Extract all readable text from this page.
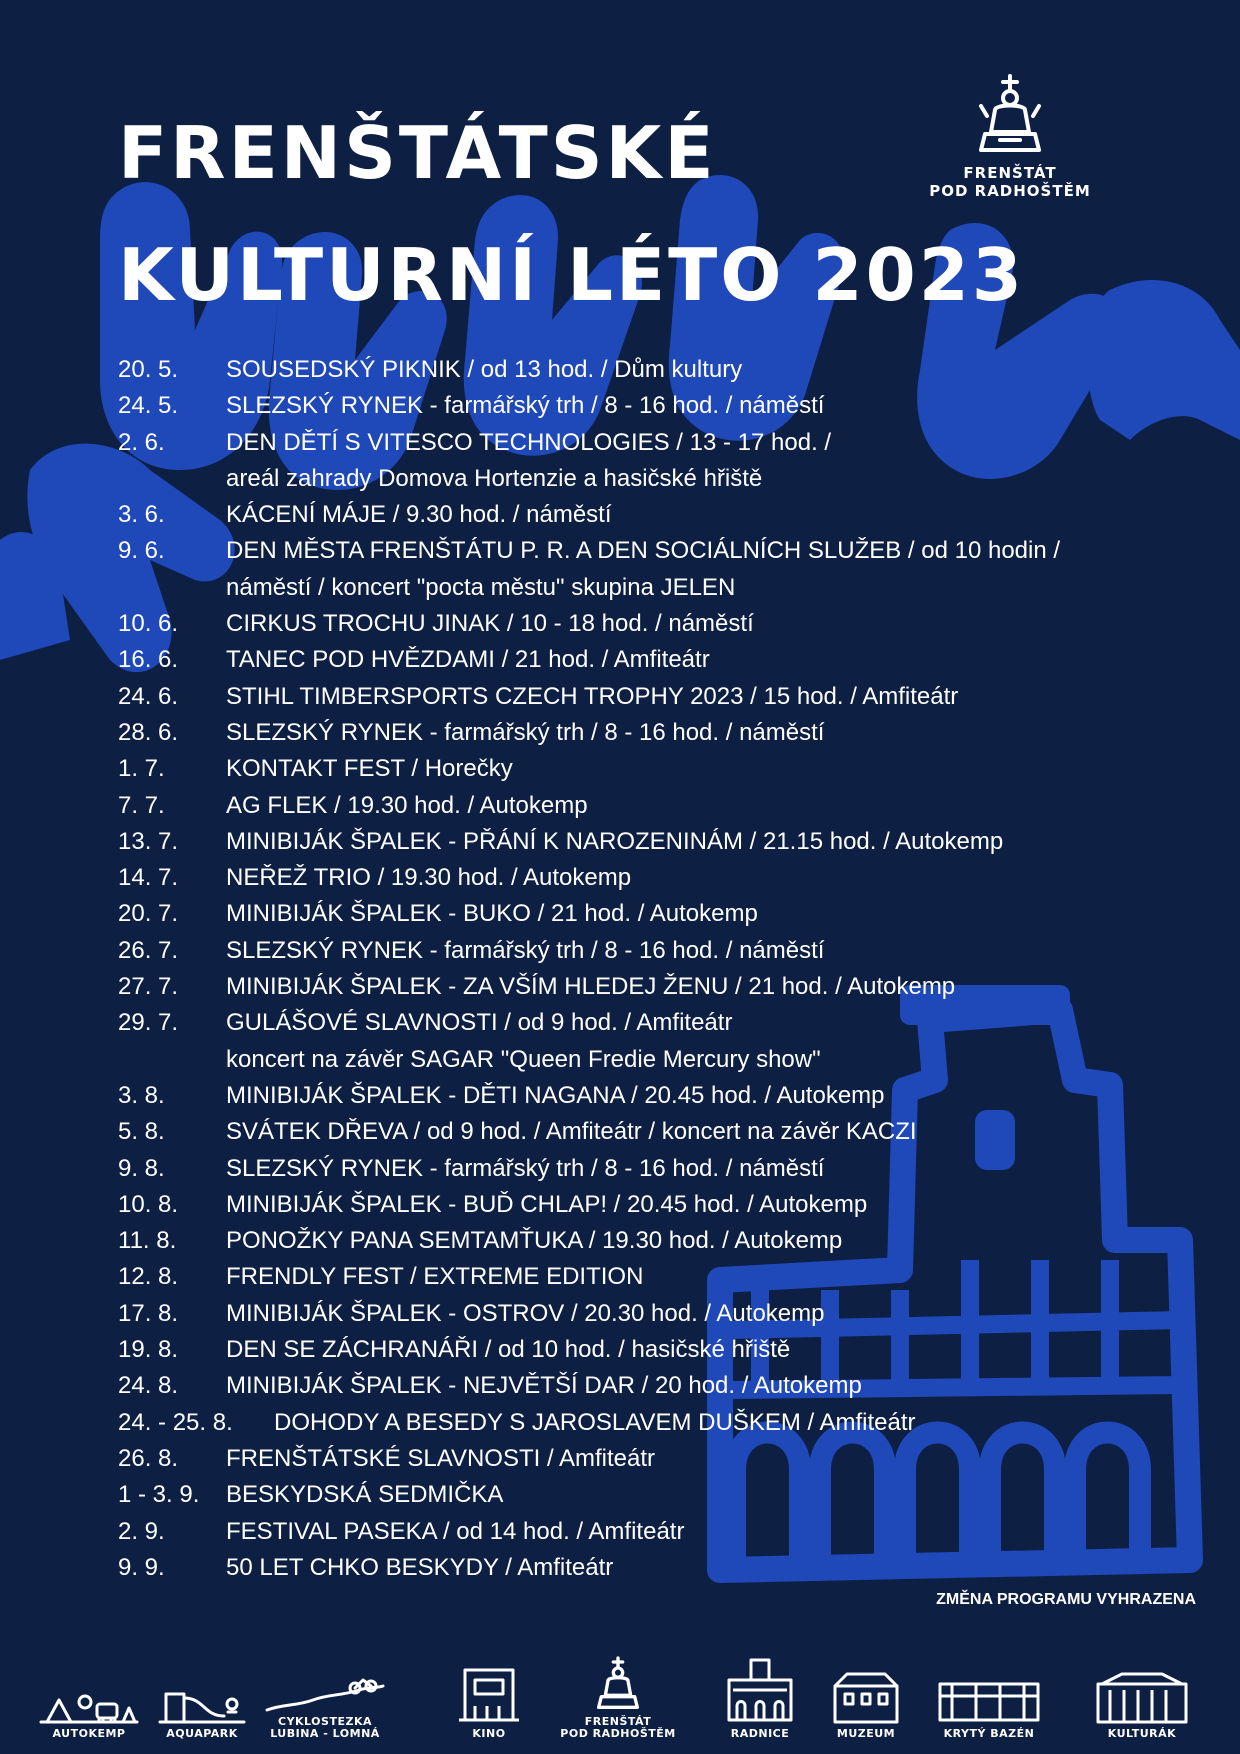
FRENŠTÁTSKÉ
KULTURNÍ LÉTO 2023
FRENŠTÁT
POD RADHOŠTĚM
20. 5.	SOUSEDSKÝ PIKNIK / od 13 hod. / Dům kultury
24. 5.	SLEZSKÝ RYNEK - farmářský trh / 8 - 16 hod. / náměstí
2. 6.	DEN DĚTÍ S VITESCO TECHNOLOGIES / 13 - 17 hod. /
areál zahrady Domova Hortenzie a hasičské hřiště
3. 6.	KÁCENÍ MÁJE / 9.30 hod. / náměstí
9. 6.	DEN MĚSTA FRENŠTÁTU P. R. A DEN SOCIÁLNÍCH SLUŽEB / od 10 hodin /
náměstí / koncert "pocta městu" skupina JELEN
10. 6.	CIRKUS TROCHU JINAK / 10 - 18 hod. / náměstí
16. 6.	TANEC POD HVĚZDAMI / 21 hod. / Amfiteátr
24. 6.	STIHL TIMBERSPORTS CZECH TROPHY 2023 / 15 hod. / Amfiteátr
28. 6.	SLEZSKÝ RYNEK - farmářský trh / 8 - 16 hod. / náměstí
1. 7.	KONTAKT FEST / Horečky
7. 7.	AG FLEK / 19.30 hod. / Autokemp
13. 7.	MINIBIJÁK ŠPALEK - PŘÁNÍ K NAROZENINÁM / 21.15 hod. / Autokemp
14. 7.	NEŘEŽ TRIO / 19.30 hod. / Autokemp
20. 7.	MINIBIJÁK ŠPALEK - BUKO / 21 hod. / Autokemp
26. 7.	SLEZSKÝ RYNEK - farmářský trh / 8 - 16 hod. / náměstí
27. 7.	MINIBIJÁK ŠPALEK - ZA VŠÍM HLEDEJ ŽENU / 21 hod. / Autokemp
29. 7.	GULÁŠOVÉ SLAVNOSTI / od 9 hod. / Amfiteátr
koncert na závěr SAGAR "Queen Fredie Mercury show"
3. 8.	MINIBIJÁK ŠPALEK - DĚTI NAGANA / 20.45 hod. / Autokemp
5. 8.	SVÁTEK DŘEVA / od 9 hod. / Amfiteátr / koncert na závěr KACZI
9. 8.	SLEZSKÝ RYNEK - farmářský trh / 8 - 16 hod. / náměstí
10. 8.	MINIBIJÁK ŠPALEK - BUĎ CHLAP! / 20.45 hod. / Autokemp
11. 8.	PONOŽKY PANA SEMTAMŤUKA / 19.30 hod. / Autokemp
12. 8.	FRENDLY FEST / EXTREME EDITION
17. 8.	MINIBIJÁK ŠPALEK - OSTROV / 20.30 hod. / Autokemp
19. 8.	DEN SE ZÁCHRANÁŘI / od 10 hod. / hasičské hřiště
24. 8.	MINIBIJÁK ŠPALEK - NEJVĚTŠÍ DAR / 20 hod. / Autokemp
24. - 25. 8.	DOHODY A BESEDY S JAROSLAVEM DUŠKEM / Amfiteátr
26. 8.	FRENŠTÁTSKÉ SLAVNOSTI / Amfiteátr
1 - 3. 9.	BESKYDSKÁ SEDMIČKA
2. 9.	FESTIVAL PASEKA / od 14 hod. / Amfiteátr
9. 9.	50 LET CHKO BESKYDY / Amfiteátr
ZMĚNA PROGRAMU VYHRAZENA
AUTOKEMP	AQUAPARK
CYKLOSTEZKA
LUBINA - LOMNÁ	KINO
FRENŠTÁT
POD RADHOŠTĚM	RADNICE	MUZEUM	KRYTÝ BAZÉN	KULTURÁK
